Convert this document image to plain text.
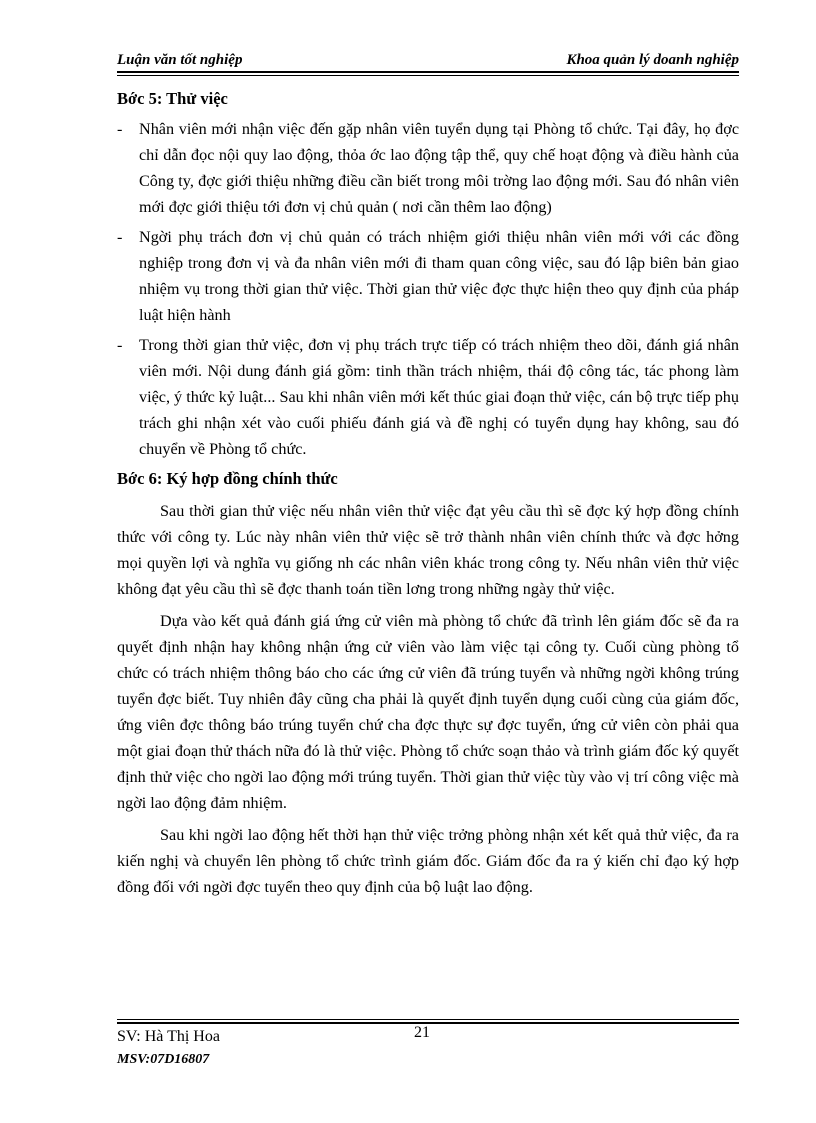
Luận văn tốt nghiệp	Khoa quản lý doanh nghiệp

Bớc 5: Thử việc

- Nhân viên mới nhận việc đến gặp nhân viên tuyển dụng tại Phòng tổ chức. Tại đây, họ đợc chỉ dẫn đọc nội quy lao động, thỏa ớc lao động tập thể, quy chế hoạt động và điều hành của Công ty, đợc giới thiệu những điều cần biết trong môi trờng lao động mới. Sau đó nhân viên mới đợc giới thiệu tới đơn vị chủ quản ( nơi cần thêm lao động)
- Ngời phụ trách đơn vị chủ quản có trách nhiệm giới thiệu nhân viên mới với các đồng nghiệp trong đơn vị và đa nhân viên mới đi tham quan công việc, sau đó lập biên bản giao nhiệm vụ trong thời gian thử việc. Thời gian thử việc đợc thực hiện theo quy định của pháp luật hiện hành
- Trong thời gian thử việc, đơn vị phụ trách trực tiếp có trách nhiệm theo dõi, đánh giá nhân viên mới. Nội dung đánh giá gồm: tinh thần trách nhiệm, thái độ công tác, tác phong làm việc, ý thức kỷ luật... Sau khi nhân viên mới kết thúc giai đoạn thử việc, cán bộ trực tiếp phụ trách ghi nhận xét vào cuối phiếu đánh giá và đề nghị có tuyển dụng hay không, sau đó chuyển về Phòng tổ chức.

Bớc 6: Ký hợp đồng chính thức

Sau thời gian thử việc nếu nhân viên thử việc đạt yêu cầu thì sẽ đợc ký hợp đồng chính thức với công ty. Lúc này nhân viên thử việc sẽ trở thành nhân viên chính thức và đợc hởng mọi quyền lợi và nghĩa vụ giống nh các nhân viên khác trong công ty. Nếu nhân viên thử việc không đạt yêu cầu thì sẽ đợc thanh toán tiền lơng trong những ngày thử việc.

Dựa vào kết quả đánh giá ứng cử viên mà phòng tổ chức đã trình lên giám đốc sẽ đa ra quyết định nhận hay không nhận ứng cử viên vào làm việc tại công ty. Cuối cùng phòng tổ chức có trách nhiệm thông báo cho các ứng cử viên đã trúng tuyển và những ngời không trúng tuyển đợc biết. Tuy nhiên đây cũng cha phải là quyết định tuyển dụng cuối cùng của giám đốc, ứng viên đợc thông báo trúng tuyển chứ cha đợc thực sự đợc tuyển, ứng cử viên còn phải qua một giai đoạn thử thách nữa đó là thử việc. Phòng tổ chức soạn thảo và trình giám đốc ký quyết định thử việc cho ngời lao động mới trúng tuyển. Thời gian thử việc tùy vào vị trí công việc mà ngời lao động đảm nhiệm.

Sau khi ngời lao động hết thời hạn thử việc trởng phòng nhận xét kết quả thử việc, đa ra kiến nghị và chuyển lên phòng tổ chức trình giám đốc. Giám đốc đa ra ý kiến chỉ đạo ký hợp đồng đối với ngời đợc tuyển theo quy định của bộ luật lao động.

21
SV: Hà Thị Hoa
MSV:07D16807
